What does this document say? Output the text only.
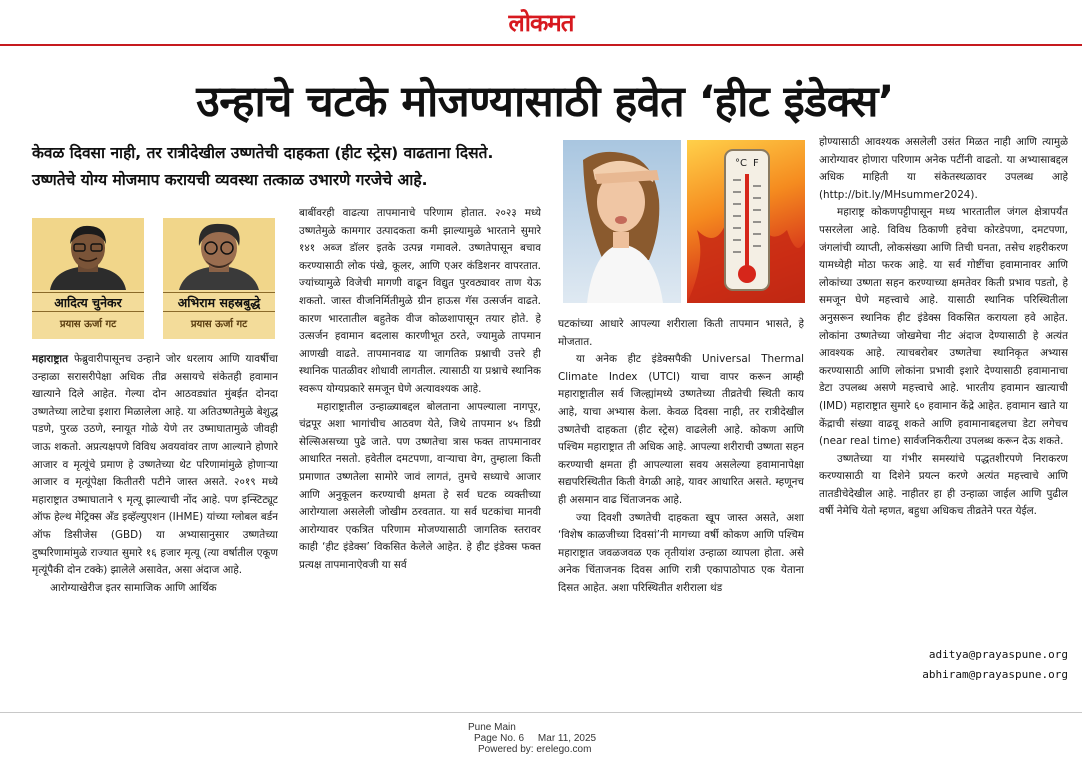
लोकमत
उन्हाचे चटके मोजण्यासाठी हवेत ‘हीट इंडेक्स’
केवळ दिवसा नाही, तर रात्रीदेखील उष्णतेची दाहकता (हीट स्ट्रेस) वाढताना दिसते. उष्णतेचे योग्य मोजमाप करायची व्यवस्था तत्काळ उभारणे गरजेचे आहे.
आदित्य चुनेकर
प्रयास ऊर्जा गट
अभिराम सहस्रबुद्धे
प्रयास ऊर्जा गट

महाराष्ट्रात फेब्रुवारीपासूनच उन्हाने जोर धरलाय आणि यावर्षीचा उन्हाळा सरासरीपेक्षा अधिक तीव्र असायचे संकेतही हवामान खात्याने दिले आहेत. गेल्या दोन आठवड्यांत मुंबईत दोनदा उष्णतेच्या लाटेचा इशारा मिळालेला आहे. या अतिउष्णतेमुळे बेशुद्ध पडणे, पुरळ उठणे, स्नायूत गोळे येणे तर उष्माघातामुळे जीवही जाऊ शकतो. अप्रत्यक्षपणे विविध अवयवांवर ताण आल्याने होणारे आजार व मृत्यूंचे प्रमाण हे उष्णतेच्या थेट परिणामांमुळे होणाऱ्या आजार व मृत्यूंपेक्षा कितीतरी पटीने जास्त असते. २०१९ मध्ये महाराष्ट्रात उष्माघाताने ९ मृत्यू झाल्याची नोंद आहे. पण इन्स्टिट्यूट ऑफ हेल्थ मेट्रिक्स अँड इव्हॅल्युएशन (IHME) यांच्या ग्लोबल बर्डन ऑफ डिसीजेस (GBD) या अभ्यासानुसार उष्णतेच्या दुष्परिणामांमुळे राज्यात सुमारे १६ हजार मृत्यू (त्या वर्षातील एकूण मृत्यूंपैकी दोन टक्के) झालेले असावेत, असा अंदाज आहे.

आरोग्याखेरीज इतर सामाजिक आणि आर्थिक

बाबींवरही वाढत्या तापमानाचे परिणाम होतात. २०२३ मध्ये उष्णतेमुळे कामगार उत्पादकता कमी झाल्यामुळे भारताने सुमारे १४१ अब्ज डॉलर इतके उत्पन्न गमावले. उष्णतेपासून बचाव करण्यासाठी लोक पंखे, कूलर, आणि एअर कंडिशनर वापरतात. ज्यांच्यामुळे विजेची मागणी वाढून विद्युत पुरवठ्यावर ताण येऊ शकतो. जास्त वीजनिर्मितीमुळे ग्रीन हाऊस गॅस उत्सर्जन वाढते. कारण भारतातील बहुतेक वीज कोळशापासून तयार होते. हे उत्सर्जन हवामान बदलास कारणीभूत ठरते, ज्यामुळे तापमान आणखी वाढते. तापमानवाढ या जागतिक प्रश्नाची उत्तरे ही स्थानिक पातळीवर शोधावी लागतील. त्यासाठी या प्रश्नाचे स्थानिक स्वरूप योग्यप्रकारे समजून घेणे अत्यावश्यक आहे.

महाराष्ट्रातील उन्हाळ्याबद्दल बोलताना आपल्याला नागपूर, चंद्रपूर अशा भागांचीच आठवण येते, जिथे तापमान ४५ डिग्री सेल्सिअसच्या पुढे जाते. पण उष्णतेचा त्रास फक्त तापमानावर आधारित नसतो. हवेतील दमटपणा, वाऱ्याचा वेग, तुम्हाला किती प्रमाणात उष्णतेला सामोरे जावं लागतं, तुमचे सध्याचे आजार आणि अनुकूलन करण्याची क्षमता हे सर्व घटक व्यक्तीच्या आरोग्याला असलेली जोखीम ठरवतात. या सर्व घटकांचा मानवी आरोग्यावर एकत्रित परिणाम मोजण्यासाठी जागतिक स्तरावर काही ‘हीट इंडेक्स’ विकसित केलेले आहेत. हे हीट इंडेक्स फक्त प्रत्यक्ष तापमानाऐवजी या सर्व

°C F

घटकांच्या आधारे आपल्या शरीराला किती तापमान भासते, हे मोजतात.

या अनेक हीट इंडेक्सपैकी Universal Thermal Climate Index (UTCI) याचा वापर करून आम्ही महाराष्ट्रातील सर्व जिल्ह्यांमध्ये उष्णतेच्या तीव्रतेची स्थिती काय आहे, याचा अभ्यास केला. केवळ दिवसा नाही, तर रात्रीदेखील उष्णतेची दाहकता (हीट स्ट्रेस) वाढलेली आहे. कोकण आणि पश्चिम महाराष्ट्रात ती अधिक आहे. आपल्या शरीराची उष्णता सहन करण्याची क्षमता ही आपल्याला सवय असलेल्या हवामानापेक्षा सद्यपरिस्थितीत किती वेगळी आहे, यावर आधारित असते. म्हणूनच ही असमान वाढ चिंताजनक आहे.

ज्या दिवशी उष्णतेची दाहकता खूप जास्त असते, अशा ‘विशेष काळजीच्या दिवसां’नी मागच्या वर्षी कोकण आणि पश्चिम महाराष्ट्रात जवळजवळ एक तृतीयांश उन्हाळा व्यापला होता. असे अनेक चिंताजनक दिवस आणि रात्री एकापाठोपाठ एक येताना दिसत आहेत. अशा परिस्थितीत शरीराला थंड

होण्यासाठी आवश्यक असलेली उसंत मिळत नाही आणि त्यामुळे आरोग्यावर होणारा परिणाम अनेक पटींनी वाढतो. या अभ्यासाबद्दल अधिक माहिती या संकेतस्थळावर उपलब्ध आहे (http://bit.ly/MHsummer2024).

महाराष्ट्र कोकणपट्टीपासून मध्य भारतातील जंगल क्षेत्रापर्यंत पसरलेला आहे. विविध ठिकाणी हवेचा कोरडेपणा, दमटपणा, जंगलांची व्याप्ती, लोकसंख्या आणि तिची घनता, तसेच शहरीकरण यामध्येही मोठा फरक आहे. या सर्व गोष्टींचा हवामानावर आणि लोकांच्या उष्णता सहन करण्याच्या क्षमतेवर किती प्रभाव पडतो, हे समजून घेणे महत्त्वाचे आहे. यासाठी स्थानिक परिस्थितीला अनुसरून स्थानिक हीट इंडेक्स विकसित करायला हवे आहेत. लोकांना उष्णतेच्या जोखमेचा नीट अंदाज देण्यासाठी हे अत्यंत आवश्यक आहे. त्याचबरोबर उष्णतेचा स्थानिकृत अभ्यास करण्यासाठी आणि लोकांना प्रभावी इशारे देण्यासाठी हवामानाचा डेटा उपलब्ध असणे महत्त्वाचे आहे. भारतीय हवामान खात्याची (IMD) महाराष्ट्रात सुमारे ६० हवामान केंद्रे आहेत. हवामान खाते या केंद्राची संख्या वाढवू शकते आणि हवामानाबद्दलचा डेटा लगेचच (near real time) सार्वजनिकरीत्या उपलब्ध करून देऊ शकते.

उष्णतेच्या या गंभीर समस्यांचे पद्धतशीरपणे निराकरण करण्यासाठी या दिशेने प्रयत्न करणे अत्यंत महत्त्वाचे आणि तातडीचेदेखील आहे. नाहीतर हा ही उन्हाळा जाईल आणि पुढील वर्षी नेमेचि येतो म्हणत, बहुधा अधिकच तीव्रतेने परत येईल.

aditya@prayaspune.org
abhiram@prayaspune.org
Pune Main
Page No. 6     Mar 11, 2025
Powered by: erelego.com
